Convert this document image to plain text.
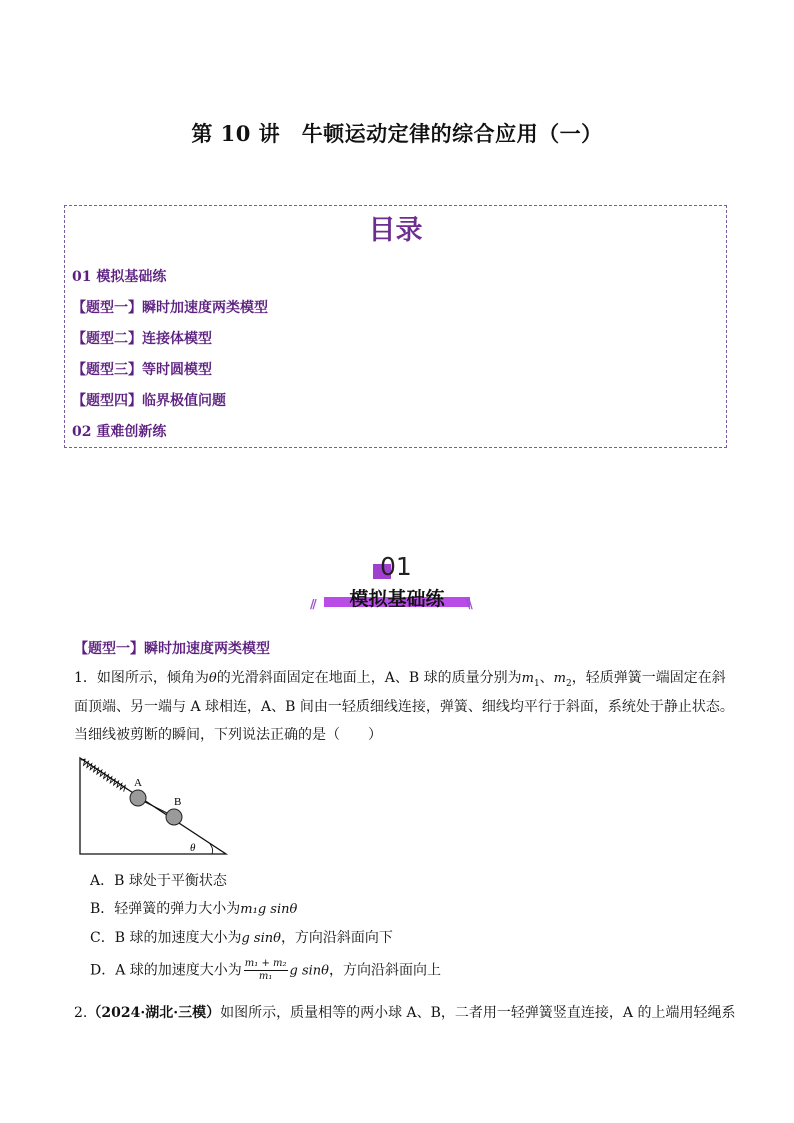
第 10 讲　牛顿运动定律的综合应用（一）
目录
01 模拟基础练
【题型一】瞬时加速度两类模型
【题型二】连接体模型
【题型三】等时圆模型
【题型四】临界极值问题
02 重难创新练
01
模拟基础练
//	\\
【题型一】瞬时加速度两类模型
1．如图所示，倾角为θ的光滑斜面固定在地面上，A、B 球的质量分别为$m_1$、$m_2$，轻质弹簧一端固定在斜
面顶端、另一端与 A 球相连，A、B 间由一轻质细线连接，弹簧、细线均平行于斜面，系统处于静止状态。
当细线被剪断的瞬间，下列说法正确的是（　　）
A
B
θ
A．B 球处于平衡状态
B．轻弹簧的弹力大小为m₁g sinθ
C．B 球的加速度大小为g sinθ，方向沿斜面向下
D．A 球的加速度大小为 $\frac{\text{m₁ + m₂}}{\text{m₁}}$ g sinθ，方向沿斜面向上
2.（2024·湖北·三模）如图所示，质量相等的两小球 A、B，二者用一轻弹簧竖直连接，A 的上端用轻绳系
